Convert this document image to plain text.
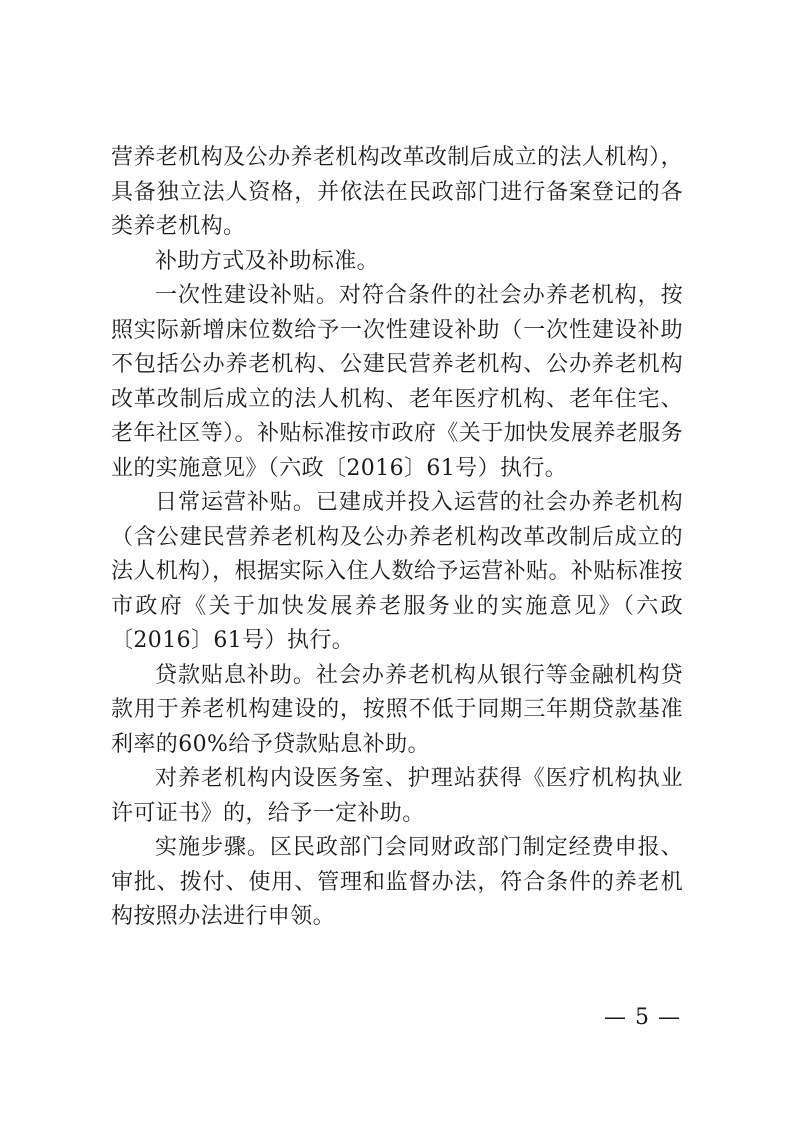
营养老机构及公办养老机构改革改制后成立的法人机构），具备独立法人资格，并依法在民政部门进行备案登记的各类养老机构。

补助方式及补助标准。

一次性建设补贴。对符合条件的社会办养老机构，按照实际新增床位数给予一次性建设补助（一次性建设补助不包括公办养老机构、公建民营养老机构、公办养老机构改革改制后成立的法人机构、老年医疗机构、老年住宅、老年社区等）。补贴标准按市政府《关于加快发展养老服务业的实施意见》（六政〔2016〕61号）执行。

日常运营补贴。已建成并投入运营的社会办养老机构（含公建民营养老机构及公办养老机构改革改制后成立的法人机构），根据实际入住人数给予运营补贴。补贴标准按市政府《关于加快发展养老服务业的实施意见》（六政〔2016〕61号）执行。

贷款贴息补助。社会办养老机构从银行等金融机构贷款用于养老机构建设的，按照不低于同期三年期贷款基准利率的60%给予贷款贴息补助。

对养老机构内设医务室、护理站获得《医疗机构执业许可证书》的，给予一定补助。

实施步骤。区民政部门会同财政部门制定经费申报、审批、拨付、使用、管理和监督办法，符合条件的养老机构按照办法进行申领。

— 5 —
